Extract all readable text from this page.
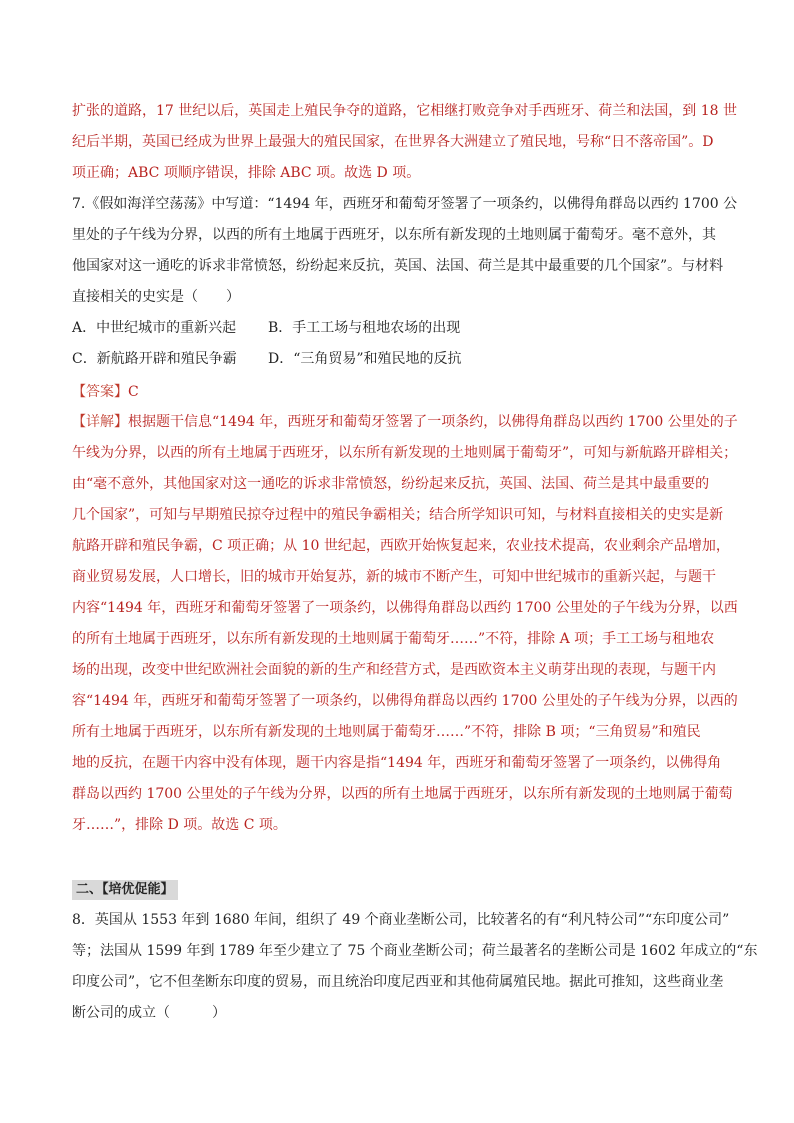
扩张的道路，17 世纪以后，英国走上殖民争夺的道路，它相继打败竞争对手西班牙、荷兰和法国，到 18 世
纪后半期，英国已经成为世界上最强大的殖民国家，在世界各大洲建立了殖民地，号称“日不落帝国”。D
项正确；ABC 项顺序错误，排除 ABC 项。故选 D 项。
7.《假如海洋空荡荡》中写道：“1494 年，西班牙和葡萄牙签署了一项条约，以佛得角群岛以西约 1700 公
里处的子午线为分界，以西的所有土地属于西班牙，以东所有新发现的土地则属于葡萄牙。毫不意外，其
他国家对这一通吃的诉求非常愤怒，纷纷起来反抗，英国、法国、荷兰是其中最重要的几个国家”。与材料
直接相关的史实是（　　）
A．中世纪城市的重新兴起 B．手工工场与租地农场的出现
C．新航路开辟和殖民争霸 D．“三角贸易”和殖民地的反抗
【答案】C
【详解】根据题干信息“1494 年，西班牙和葡萄牙签署了一项条约，以佛得角群岛以西约 1700 公里处的子
午线为分界，以西的所有土地属于西班牙，以东所有新发现的土地则属于葡萄牙”，可知与新航路开辟相关；
由“毫不意外，其他国家对这一通吃的诉求非常愤怒，纷纷起来反抗，英国、法国、荷兰是其中最重要的
几个国家”，可知与早期殖民掠夺过程中的殖民争霸相关；结合所学知识可知，与材料直接相关的史实是新
航路开辟和殖民争霸，C 项正确；从 10 世纪起，西欧开始恢复起来，农业技术提高，农业剩余产品增加，
商业贸易发展，人口增长，旧的城市开始复苏，新的城市不断产生，可知中世纪城市的重新兴起，与题干
内容“1494 年，西班牙和葡萄牙签署了一项条约，以佛得角群岛以西约 1700 公里处的子午线为分界，以西
的所有土地属于西班牙，以东所有新发现的土地则属于葡萄牙……”不符，排除 A 项；手工工场与租地农
场的出现，改变中世纪欧洲社会面貌的新的生产和经营方式，是西欧资本主义萌芽出现的表现，与题干内
容“1494 年，西班牙和葡萄牙签署了一项条约，以佛得角群岛以西约 1700 公里处的子午线为分界，以西的
所有土地属于西班牙，以东所有新发现的土地则属于葡萄牙……”不符，排除 B 项；“三角贸易”和殖民
地的反抗，在题干内容中没有体现，题干内容是指“1494 年，西班牙和葡萄牙签署了一项条约，以佛得角
群岛以西约 1700 公里处的子午线为分界，以西的所有土地属于西班牙，以东所有新发现的土地则属于葡萄
牙……”，排除 D 项。故选 C 项。
二、【培优促能】
8．英国从 1553 年到 1680 年间，组织了 49 个商业垄断公司，比较著名的有“利凡特公司”“东印度公司”
等；法国从 1599 年到 1789 年至少建立了 75 个商业垄断公司；荷兰最著名的垄断公司是 1602 年成立的“东
印度公司”，它不但垄断东印度的贸易，而且统治印度尼西亚和其他荷属殖民地。据此可推知，这些商业垄
断公司的成立（　　　）
